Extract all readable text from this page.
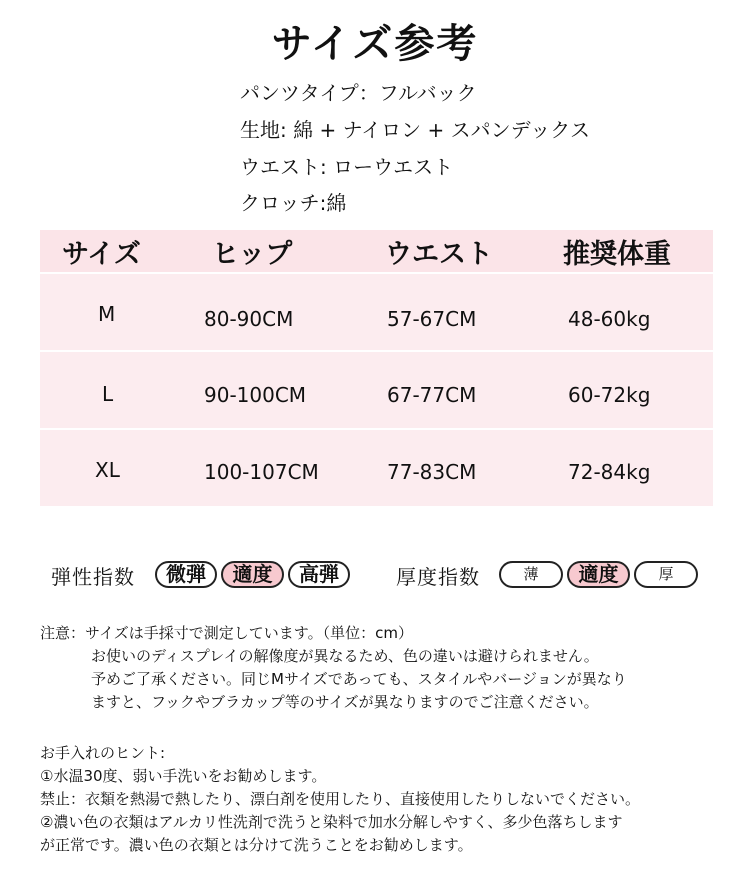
サイズ参考
パンツタイプ：フルバック
生地: 綿 + ナイロン + スパンデックス
ウエスト: ローウエスト
クロッチ:綿
サイズ	ヒップ	ウエスト	推奨体重
M	80-90CM	57-67CM	48-60kg
L	90-100CM	67-77CM	60-72kg
XL	100-107CM	77-83CM	72-84kg
弾性指数	微弾	適度	高弾	厚度指数	薄	適度	厚
注意：サイズは手採寸で測定しています。（単位：cm）
お使いのディスプレイの解像度が異なるため、色の違いは避けられません。
予めご了承ください。同じMサイズであっても、スタイルやバージョンが異なり
ますと、フックやブラカップ等のサイズが異なりますのでご注意ください。
お手入れのヒント:
①水温30度、弱い手洗いをお勧めします。
禁止：衣類を熱湯で熱したり、漂白剤を使用したり、直接使用したりしないでください。
②濃い色の衣類はアルカリ性洗剤で洗うと染料で加水分解しやすく、多少色落ちします
が正常です。濃い色の衣類とは分けて洗うことをお勧めします。
